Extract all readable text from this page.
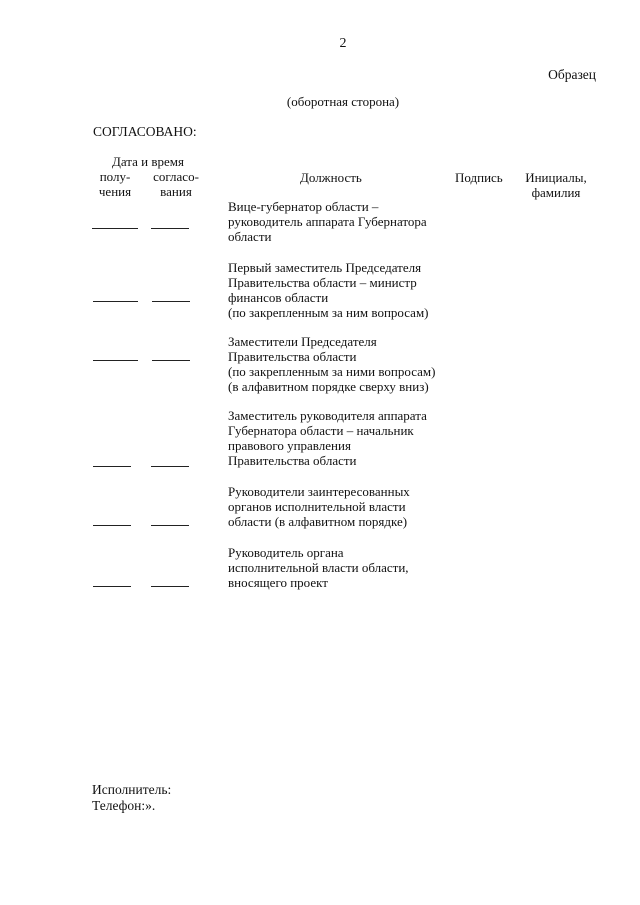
2
Образец
(оборотная сторона)
СОГЛАСОВАНО:
Дата и время
полу-
чения
согласо-
вания
Должность	Подпись Инициалы,
фамилия
Вице-губернатор области –
руководитель аппарата Губернатора
области
Первый заместитель Председателя
Правительства области – министр
финансов области
(по закрепленным за ним вопросам)
Заместители Председателя
Правительства области
(по закрепленным за ними вопросам)
(в алфавитном порядке сверху вниз)
Заместитель руководителя аппарата
Губернатора области – начальник
правового управления
Правительства области
Руководители заинтересованных
органов исполнительной власти
области (в алфавитном порядке)
Руководитель органа
исполнительной власти области,
вносящего проект
Исполнитель:
Телефон:».
